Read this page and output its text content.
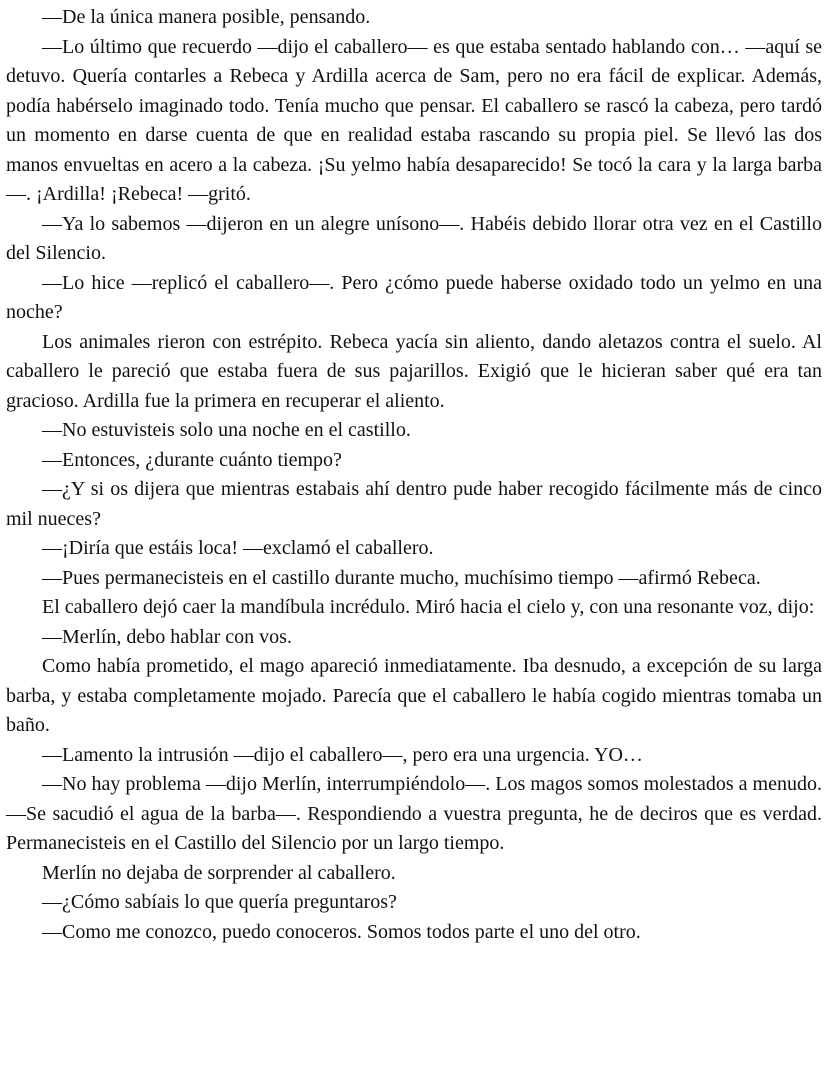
—De la única manera posible, pensando.

—Lo último que recuerdo —dijo el caballero— es que estaba sentado hablando con… —aquí se detuvo. Quería contarles a Rebeca y Ardilla acerca de Sam, pero no era fácil de explicar. Además, podía habérselo imaginado todo. Tenía mucho que pensar. El caballero se rascó la cabeza, pero tardó un momento en darse cuenta de que en realidad estaba rascando su propia piel. Se llevó las dos manos envueltas en acero a la cabeza. ¡Su yelmo había desaparecido! Se tocó la cara y la larga barba—. ¡Ardilla! ¡Rebeca! —gritó.

—Ya lo sabemos —dijeron en un alegre unísono—. Habéis debido llorar otra vez en el Castillo del Silencio.

—Lo hice —replicó el caballero—. Pero ¿cómo puede haberse oxidado todo un yelmo en una noche?

Los animales rieron con estrépito. Rebeca yacía sin aliento, dando aletazos contra el suelo. Al caballero le pareció que estaba fuera de sus pajarillos. Exigió que le hicieran saber qué era tan gracioso. Ardilla fue la primera en recuperar el aliento.

—No estuvisteis solo una noche en el castillo.

—Entonces, ¿durante cuánto tiempo?

—¿Y si os dijera que mientras estabais ahí dentro pude haber recogido fácilmente más de cinco mil nueces?

—¡Diría que estáis loca! —exclamó el caballero.

—Pues permanecisteis en el castillo durante mucho, muchísimo tiempo —afirmó Rebeca.

El caballero dejó caer la mandíbula incrédulo. Miró hacia el cielo y, con una resonante voz, dijo:

—Merlín, debo hablar con vos.

Como había prometido, el mago apareció inmediatamente. Iba desnudo, a excepción de su larga barba, y estaba completamente mojado. Parecía que el caballero le había cogido mientras tomaba un baño.

—Lamento la intrusión —dijo el caballero—, pero era una urgencia. YO…

—No hay problema —dijo Merlín, interrumpiéndolo—. Los magos somos molestados a menudo. —Se sacudió el agua de la barba—. Respondiendo a vuestra pregunta, he de deciros que es verdad. Permanecisteis en el Castillo del Silencio por un largo tiempo.

Merlín no dejaba de sorprender al caballero.

—¿Cómo sabíais lo que quería preguntaros?

—Como me conozco, puedo conoceros. Somos todos parte el uno del otro.
